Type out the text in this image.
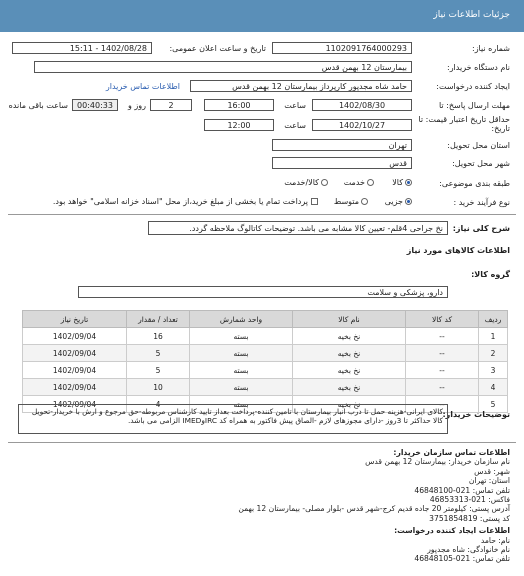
جزئیات اطلاعات نیاز
شماره نیاز:
1102091764000293
تاریخ و ساعت اعلان عمومی:
1402/08/28 - 15:11
نام دستگاه خریدار:
بیمارستان 12 بهمن قدس
ایجاد کننده درخواست:
حامد شاه مجدپور کارپرداز بیمارستان 12 بهمن قدس
اطلاعات تماس خریدار
مهلت ارسال پاسخ: تا
1402/08/30
ساعت
16:00
2
روز و
00:40:33
ساعت باقی مانده
حداقل تاریخ اعتبار قیمت: تا تاریخ:
1402/10/27
ساعت
12:00
استان محل تحویل:
تهران
شهر محل تحویل:
قدس
طبقه بندی موضوعی:
کالا
خدمت
کالا/خدمت
نوع فرآیند خرید :
جزیی
متوسط
پرداخت تمام یا بخشی از مبلغ خرید،از محل "اسناد خزانه اسلامی" خواهد بود.
شرح کلی نیاز:
نخ جراحی 4قلم- تعیین کالا مشابه می باشد. توضیحات کاتالوگ ملاحظه گردد.
اطلاعات کالاهای مورد نیاز
گروه کالا:
دارو، پزشکی و سلامت
ردیف	کد کالا	نام کالا	واحد شمارش	تعداد / مقدار	تاریخ نیاز
1	--	نخ بخیه	بسته	16	1402/09/04
2	--	نخ بخیه	بسته	5	1402/09/04
3	--	نخ بخیه	بسته	5	1402/09/04
4	--	نخ بخیه	بسته	10	1402/09/04
5	--	نخ بخیه	بسته	4	1402/09/04
توضیحات خریدار:
کالای ایرانی-هزینه حمل تا درب انبار بیمارستان با تامین کننده-پرداخت بعداز تایید کارشناس مربوطه-حق مرجوع و ارش با خریدار-تحویل کالا حداکثر تا 3روز -دارای مجوزهای لازم -الصاق پیش فاکتور به همراه کد IRCوIMED الزامی می باشد.
اطلاعات تماس سازمان خریدار:
نام سازمان خریدار: بیمارستان 12 بهمن قدس
شهر: قدس
استان: تهران
تلفن تماس: 021-46848100
فاکس: 021-46853313
آدرس پستی: کیلومتر 20 جاده قدیم کرج-شهر قدس -بلوار مصلی- بیمارستان 12 بهمن
کد پستی: 3751854819
اطلاعات ایجاد کننده درخواست:
نام: حامد
نام خانوادگی: شاه مجدپور
تلفن تماس: 021-46848105
